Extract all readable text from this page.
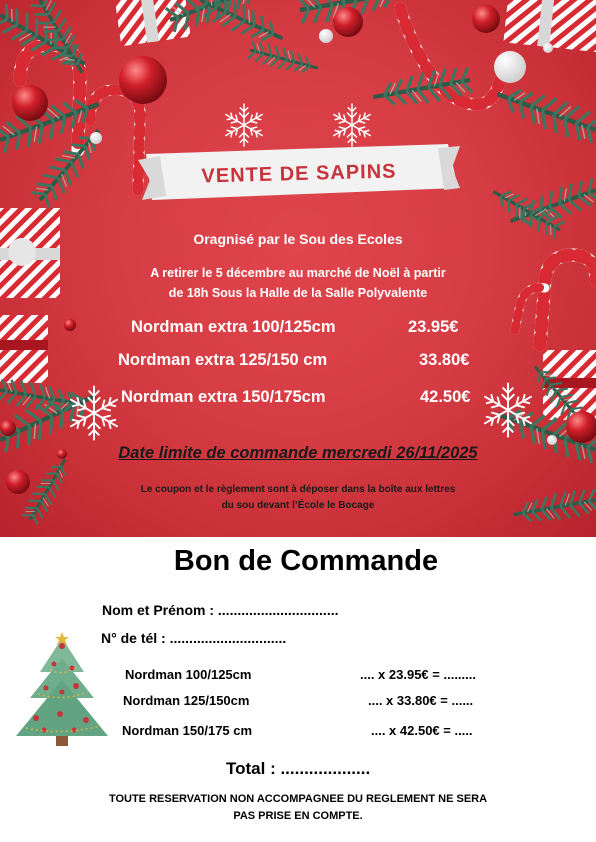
VENTE DE SAPINS
Oragnisé par le Sou des Ecoles
A retirer le 5 décembre au marché de Noël à partir
de 18h Sous la Halle de la Salle Polyvalente
Nordman extra 100/125cm	23.95€
Nordman extra 125/150 cm	33.80€
Nordman extra 150/175cm	42.50€
Date limite de commande mercredi 26/11/2025
Le coupon et le règlement sont à déposer dans la boîte aux lettres
du sou devant l’École le Bocage
Bon de Commande
Nom et Prénom : ...............................
N° de tél : ..............................
Nordman 100/125cm	.... x 23.95€ = .........
Nordman 125/150cm	.... x 33.80€ = ......
Nordman 150/175 cm	.... x 42.50€ = .....
Total : ...................
TOUTE RESERVATION NON ACCOMPAGNEE DU REGLEMENT NE SERA
PAS PRISE EN COMPTE.
